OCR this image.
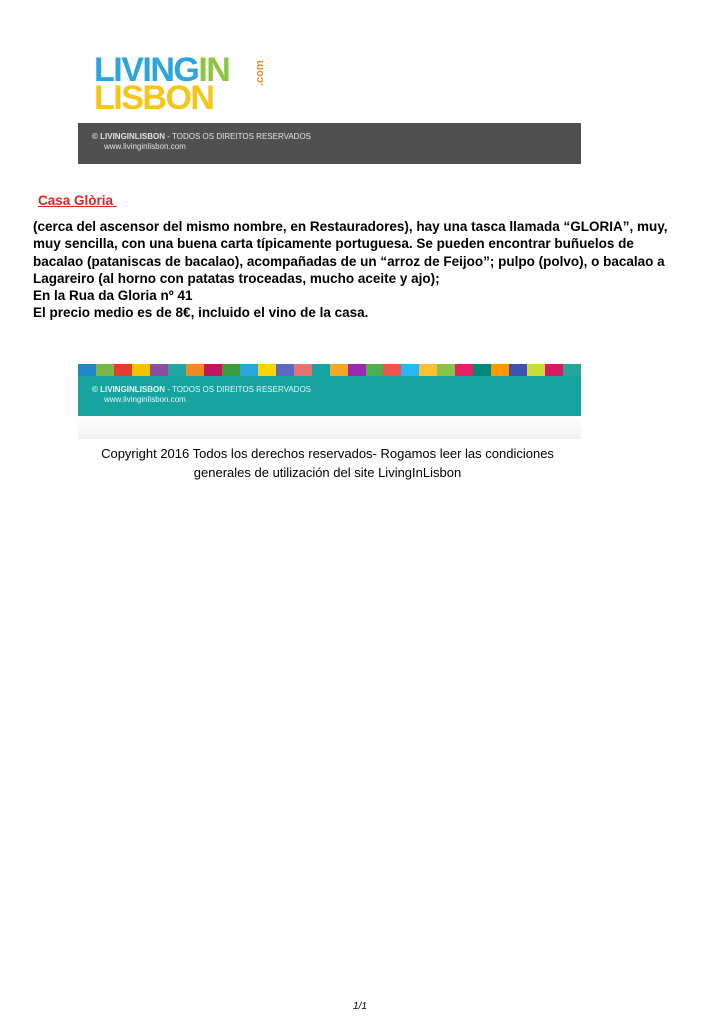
LIVINGIN
LISBON
.com
© LIVINGINLISBON - TODOS OS DIREITOS RESERVADOS
www.livinginlisbon.com
Casa Glòria

(cerca del ascensor del mismo nombre, en Restauradores), hay una tasca llamada “GLORIA”, muy,

muy sencilla, con una buena carta típicamente portuguesa. Se pueden encontrar buñuelos de

bacalao (pataniscas de bacalao), acompañadas de un “arroz de Feijoo”; pulpo (polvo), o bacalao a

Lagareiro (al horno con patatas troceadas, mucho aceite y ajo);

En la Rua da Gloria nº 41

El precio medio es de 8€, incluido el vino de la casa.

© LIVINGINLISBON - TODOS OS DIREITOS RESERVADOS
www.livinginlisbon.com

Copyright 2016 Todos los derechos reservados- Rogamos leer las condiciones

generales de utilización del site LivingInLisbon

1/1
